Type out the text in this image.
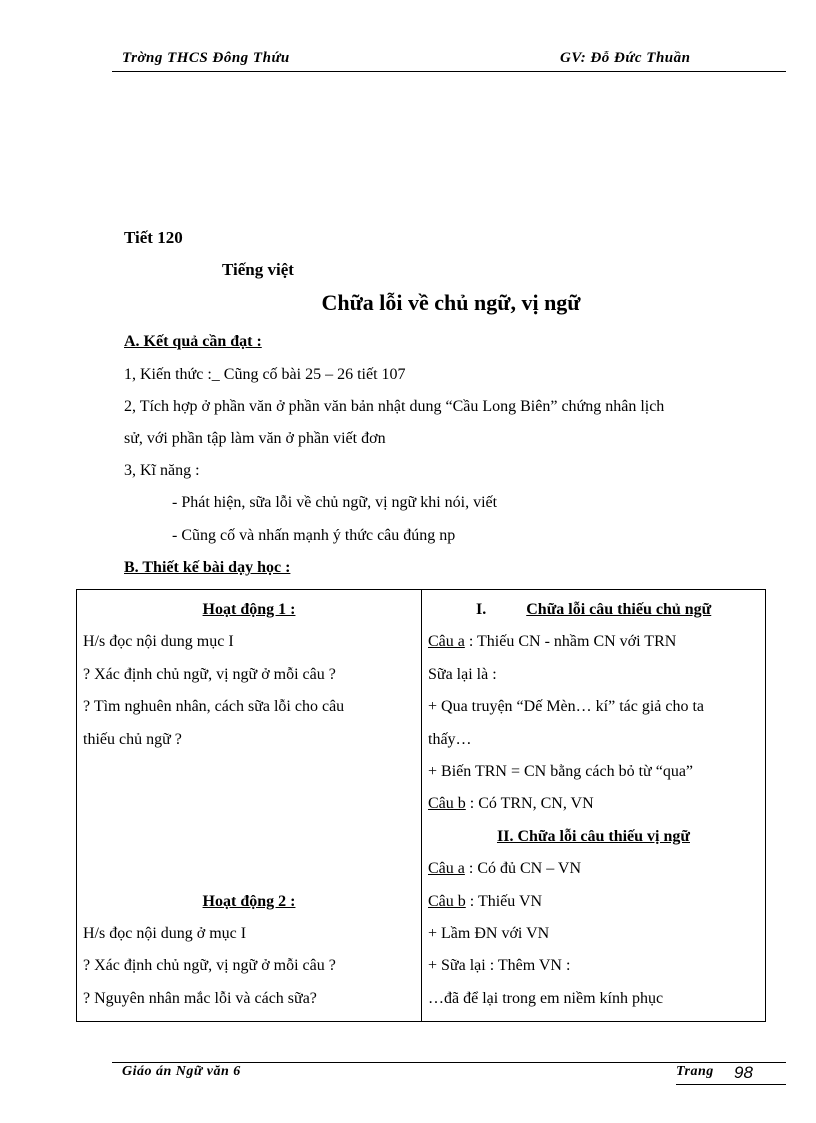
Trờng THCS Đông Thứu	GV: Đỗ Đức Thuần
Tiết 120
Tiếng việt
Chữa lỗi về chủ ngữ, vị ngữ
A. Kết quả cần đạt :
1, Kiến thức :_ Cũng cố bài 25 – 26 tiết 107
2, Tích hợp ở phần văn ở phần văn bản nhật dung “Cầu Long Biên” chứng nhân lịch
sử, với phần tập làm văn ở phần viết đơn
3, Kĩ năng :
- Phát hiện, sữa lỗi về chủ ngữ, vị ngữ khi nói, viết
- Cũng cố và nhấn mạnh ý thức câu đúng np
B. Thiết kế bài dạy học :
Hoạt động 1 :
H/s đọc nội dung mục I
? Xác định chủ ngữ, vị ngữ ở mỗi câu ?
? Tìm nghuên nhân, cách sữa lỗi cho câu
thiếu chủ ngữ ?
Hoạt động 2 :
H/s đọc nội dung ở mục I
? Xác định chủ ngữ, vị ngữ ở mỗi câu ?
? Nguyên nhân mắc lỗi và cách sữa?

I.	Chữa lỗi câu thiếu chủ ngữ
Câu a : Thiếu CN - nhầm CN với TRN
Sữa lại là :
+ Qua truyện “Dế Mèn… kí” tác giả cho ta
thấy…
+ Biến TRN = CN bằng cách bỏ từ “qua”
Câu b : Có TRN, CN, VN
II. Chữa lỗi câu thiếu vị ngữ
Câu a : Có đủ CN – VN
Câu b : Thiếu VN
+ Lầm ĐN với VN
+ Sữa lại : Thêm VN :
…đã để lại trong em niềm kính phục
Giáo án Ngữ văn 6	Trang 98
